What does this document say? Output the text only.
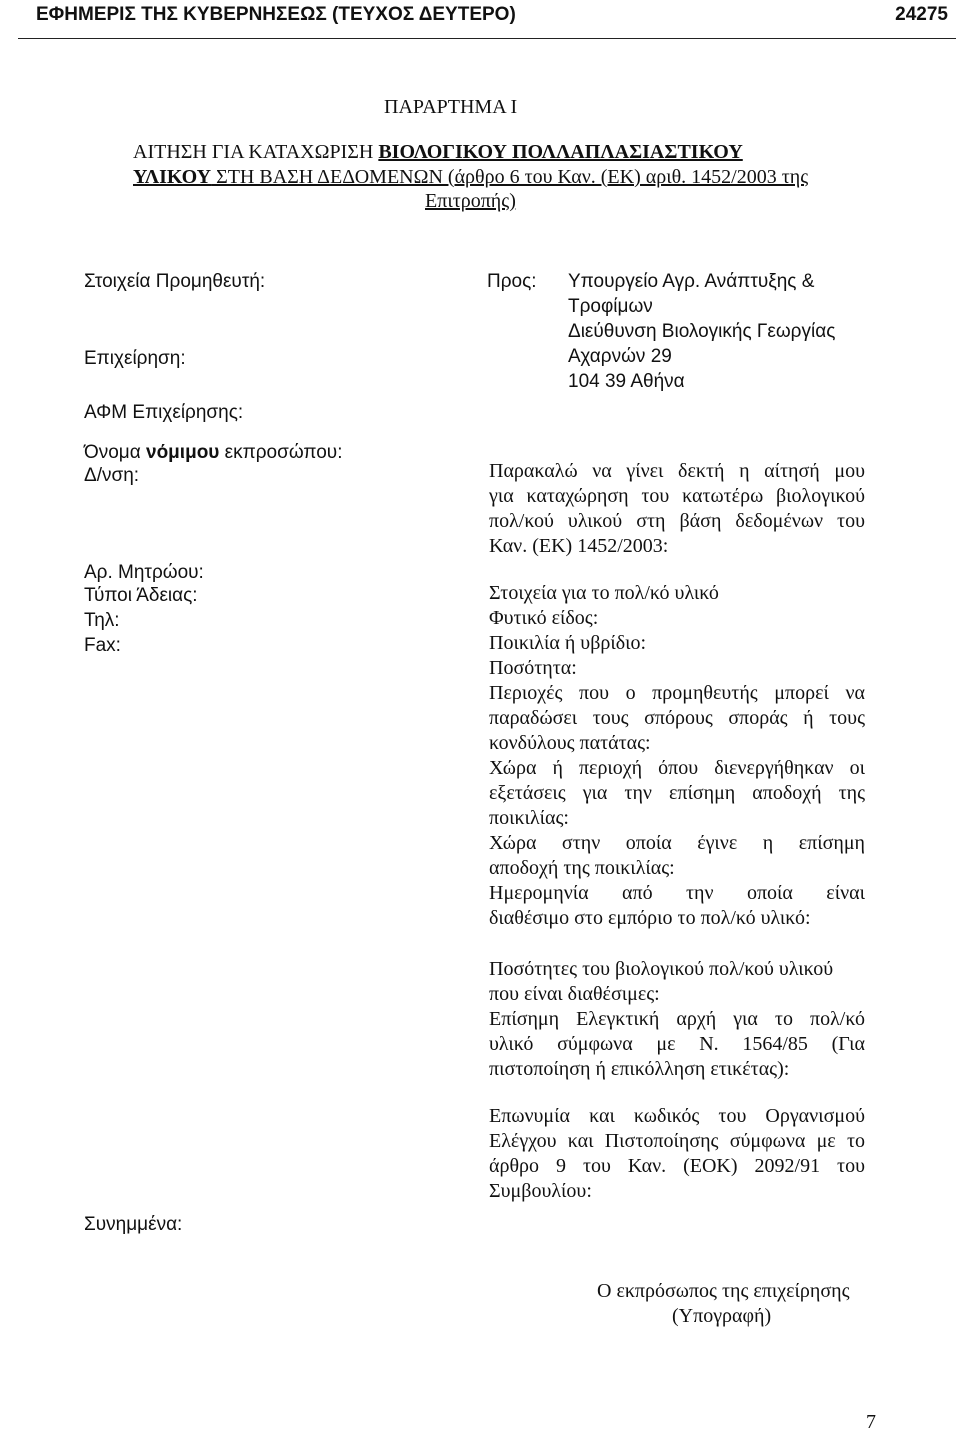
ΕΦΗΜΕΡΙΣ ΤΗΣ ΚΥΒΕΡΝΗΣΕΩΣ (ΤΕΥΧΟΣ ΔΕΥΤΕΡΟ)	24275
ΠΑΡΑΡΤΗΜΑ Ι
ΑΙΤΗΣΗ ΓΙΑ ΚΑΤΑΧΩΡΙΣΗ ΒΙΟΛΟΓΙΚΟΥ ΠΟΛΛΑΠΛΑΣΙΑΣΤΙΚΟΥ
ΥΛΙΚΟΥ ΣΤΗ ΒΑΣΗ ΔΕΔΟΜΕΝΩΝ (άρθρο 6 του Καν. (ΕΚ) αριθ. 1452/2003 της
Επιτροπής)
Στοιχεία Προμηθευτή:
Επιχείρηση:
ΑΦΜ Επιχείρησης:
Όνομα νόμιμου εκπροσώπου:
Δ/νση:
Αρ. Μητρώου:
Τύποι Άδειας:
Τηλ:
Fax:
Συνημμένα:
Προς: Υπουργείο Αγρ. Ανάπτυξης &
Τροφίμων
Διεύθυνση Βιολογικής Γεωργίας
Αχαρνών 29
104 39 Αθήνα
Παρακαλώ να γίνει δεκτή η αίτησή μου
για καταχώρηση του κατωτέρω βιολογικού
πολ/κού υλικού στη βάση δεδομένων του
Καν. (ΕΚ) 1452/2003:
Στοιχεία για το πολ/κό υλικό
Φυτικό είδος:
Ποικιλία ή υβρίδιο:
Ποσότητα:
Περιοχές που ο προμηθευτής μπορεί να
παραδώσει τους σπόρους σποράς ή τους
κονδύλους πατάτας:
Χώρα ή περιοχή όπου διενεργήθηκαν οι
εξετάσεις για την επίσημη αποδοχή της
ποικιλίας:
Χώρα στην οποία έγινε η επίσημη
αποδοχή της ποικιλίας:
Ημερομηνία από την οποία είναι
διαθέσιμο στο εμπόριο το πολ/κό υλικό:
Ποσότητες του βιολογικού πολ/κού υλικού
που είναι διαθέσιμες:
Επίσημη Ελεγκτική αρχή για το πολ/κό
υλικό σύμφωνα με Ν. 1564/85 (Για
πιστοποίηση ή επικόλληση ετικέτας):
Επωνυμία και κωδικός του Οργανισμού
Ελέγχου και Πιστοποίησης σύμφωνα με το
άρθρο 9 του Καν. (ΕΟΚ) 2092/91 του
Συμβουλίου:
Ο εκπρόσωπος της επιχείρησης
(Υπογραφή)
7
